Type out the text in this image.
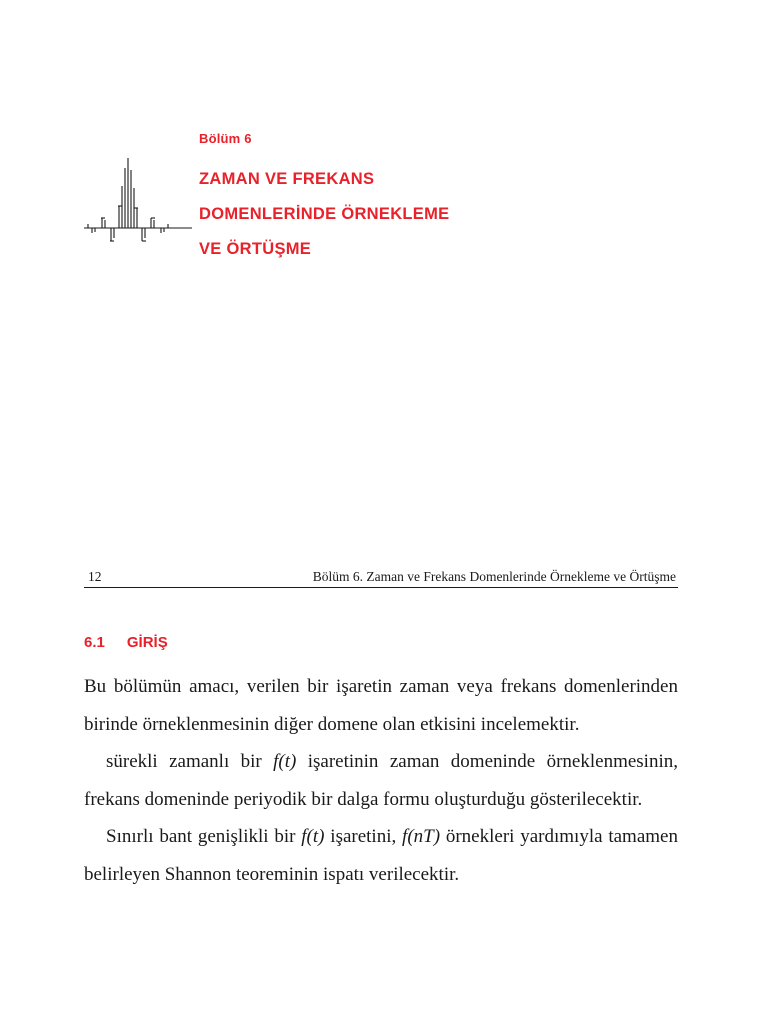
Bölüm 6
ZAMAN VE FREKANS
DOMENLERİNDE ÖRNEKLEME
VE ÖRTÜŞME
12	Bölüm 6. Zaman ve Frekans Domenlerinde Örnekleme ve Örtüşme
6.1 GİRİŞ

Bu bölümün amacı, verilen bir işaretin zaman veya frekans domenlerinden birinde örneklenmesinin diğer domene olan etkisini incelemektir.

sürekli zamanlı bir f(t) işaretinin zaman domeninde örneklenmesinin, frekans domeninde periyodik bir dalga formu oluşturduğu gösterilecektir.

Sınırlı bant genişlikli bir f(t) işaretini, f(nT) örnekleri yardımıyla tamamen belirleyen Shannon teoreminin ispatı verilecektir.
